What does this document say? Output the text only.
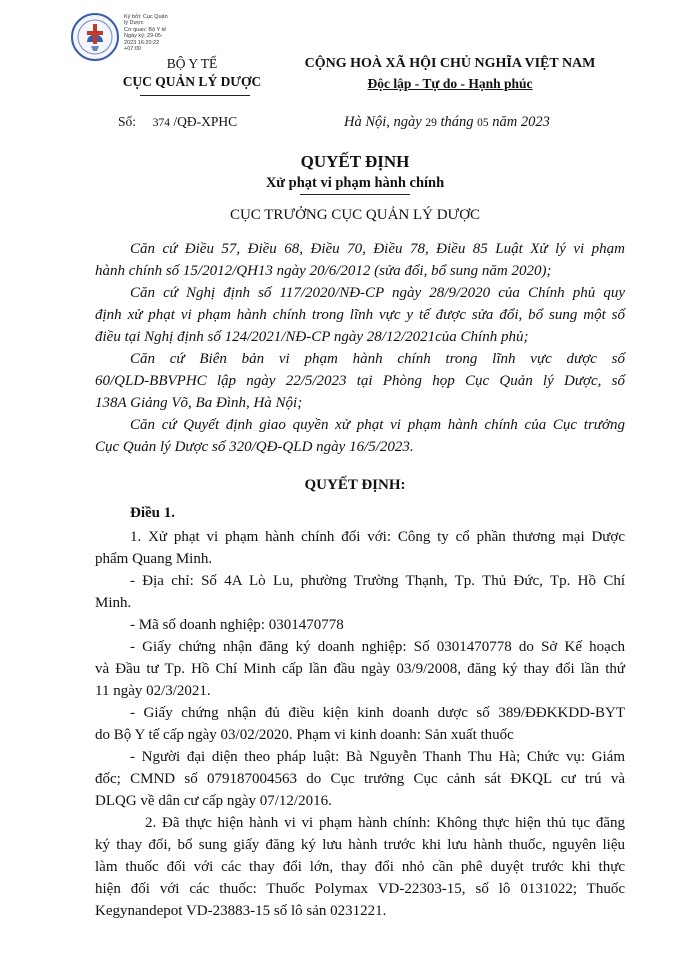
Ký bởi: Cục Quản
lý Dược
Cơ quan: Bộ Y tế
Ngày ký: 29-05-
2023 16:20:22
+07:00
BỘ Y TẾ
CỤC QUẢN LÝ DƯỢC
Số: 374 /QĐ-XPHC
CỘNG HOÀ XÃ HỘI CHỦ NGHĨA VIỆT NAM
Độc lập - Tự do - Hạnh phúc
Hà Nội, ngày 29 tháng 05 năm 2023
QUYẾT ĐỊNH
Xử phạt vi phạm hành chính
CỤC TRƯỞNG CỤC QUẢN LÝ DƯỢC
Căn cứ Điều 57, Điều 68, Điều 70, Điều 78, Điều 85 Luật Xử lý vi phạm
hành chính số 15/2012/QH13 ngày 20/6/2012 (sửa đổi, bổ sung năm 2020);
Căn cứ Nghị định số 117/2020/NĐ-CP ngày 28/9/2020 của Chính phủ quy
định xử phạt vi phạm hành chính trong lĩnh vực y tế được sửa đổi, bổ sung một số
điều tại Nghị định số 124/2021/NĐ-CP ngày 28/12/2021của Chính phủ;
Căn cứ Biên bản vi phạm hành chính trong lĩnh vực dược số
60/QLD-BBVPHC lập ngày 22/5/2023 tại Phòng họp Cục Quản lý Dược, số
138A Giảng Võ, Ba Đình, Hà Nội;
Căn cứ Quyết định giao quyền xử phạt vi phạm hành chính của Cục trưởng
Cục Quản lý Dược số 320/QĐ-QLD ngày 16/5/2023.
QUYẾT ĐỊNH:
Điều 1.
1. Xử phạt vi phạm hành chính đối với: Công ty cổ phần thương mại Dược
phẩm Quang Minh.
- Địa chỉ: Số 4A Lò Lu, phường Trường Thạnh, Tp. Thủ Đức, Tp. Hồ Chí
Minh.
- Mã số doanh nghiệp: 0301470778
- Giấy chứng nhận đăng ký doanh nghiệp: Số 0301470778 do Sở Kế hoạch
và Đầu tư Tp. Hồ Chí Minh cấp lần đầu ngày 03/9/2008, đăng ký thay đổi lần thứ
11 ngày 02/3/2021.
- Giấy chứng nhận đủ điều kiện kinh doanh dược số 389/ĐĐKKDD-BYT
do Bộ Y tế cấp ngày 03/02/2020. Phạm vi kinh doanh: Sản xuất thuốc
- Người đại diện theo pháp luật: Bà Nguyễn Thanh Thu Hà; Chức vụ: Giám
đốc; CMND số 079187004563 do Cục trưởng Cục cảnh sát ĐKQL cư trú và
DLQG về dân cư cấp ngày 07/12/2016.
2. Đã thực hiện hành vi vi phạm hành chính: Không thực hiện thủ tục đăng
ký thay đổi, bổ sung giấy đăng ký lưu hành trước khi lưu hành thuốc, nguyên liệu
làm thuốc đối với các thay đổi lớn, thay đổi nhỏ cần phê duyệt trước khi thực
hiện đối với các thuốc: Thuốc Polymax VD-22303-15, số lô 0131022; Thuốc
Kegynandepot VD-23883-15 số lô sản 0231221.
